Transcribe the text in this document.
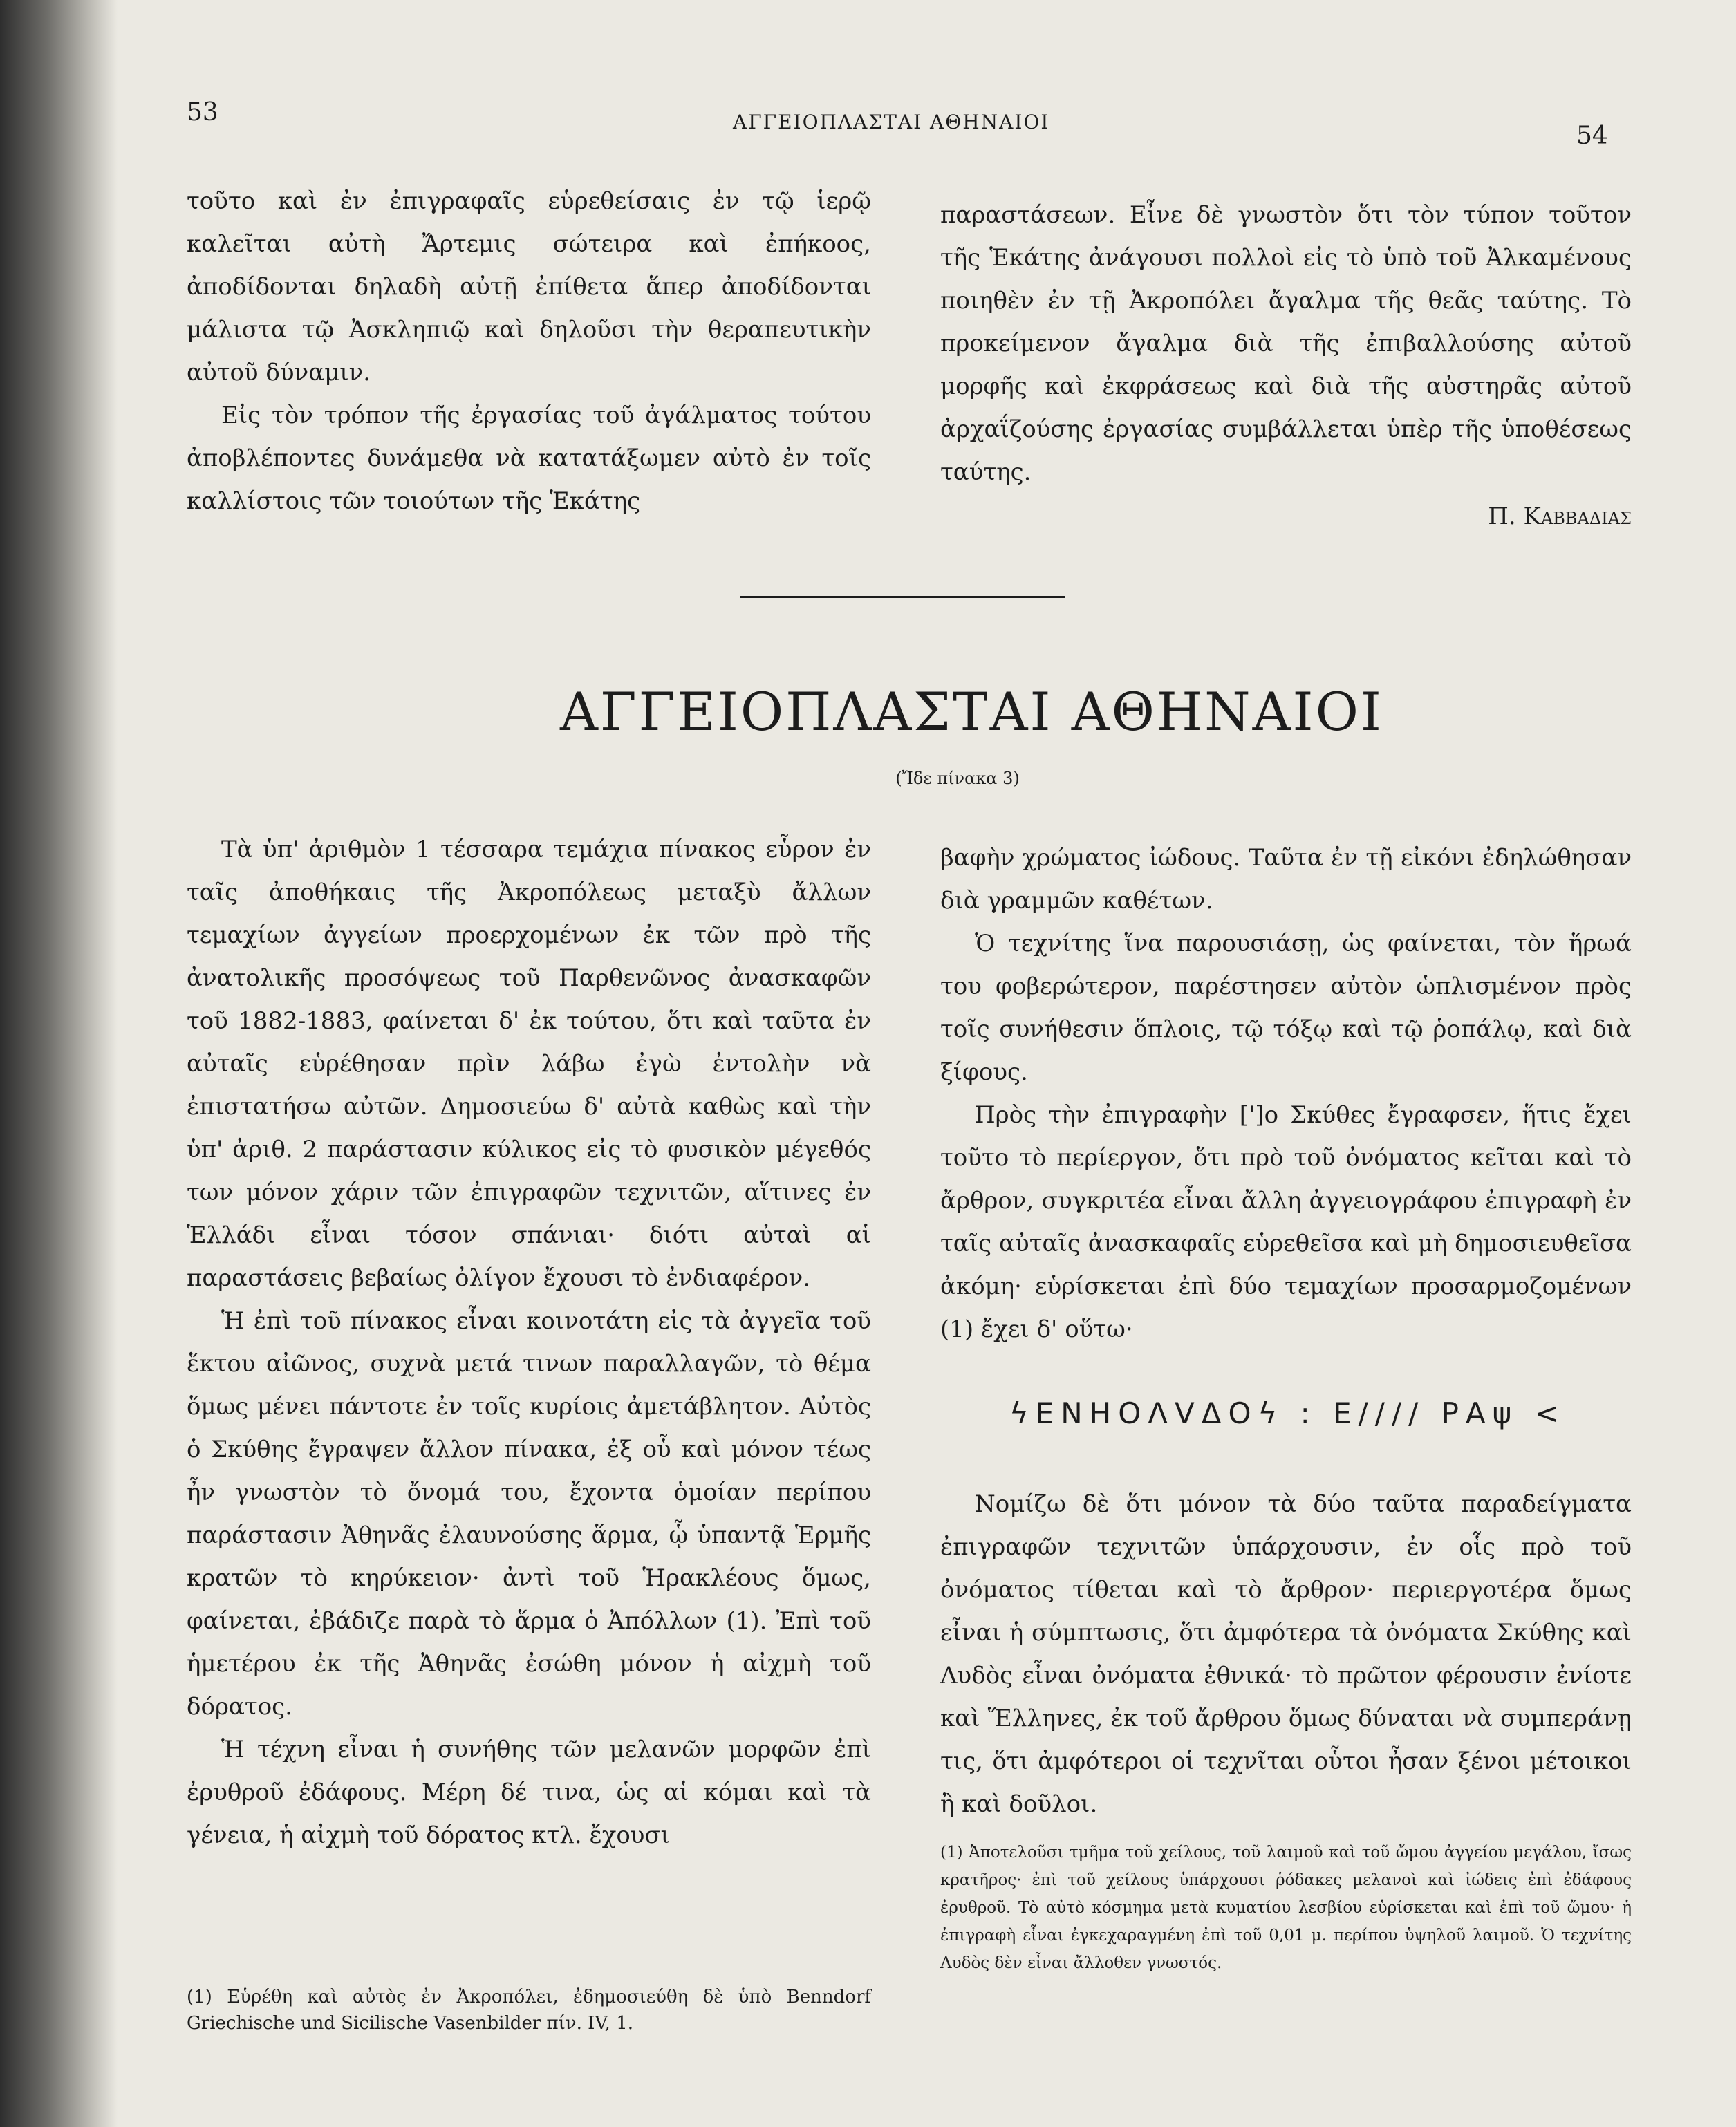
53	ΑΓΓΕΙΟΠΛΑΣΤΑΙ ΑΘΗΝΑΙΟΙ	54

τοῦτο καὶ ἐν ἐπιγραφαῖς εὑρεθείσαις ἐν τῷ ἱερῷ καλεῖται αὐτὴ Ἄρτεμις σώτειρα καὶ ἐπήκοος, ἀποδίδονται δηλαδὴ αὐτῇ ἐπίθετα ἅπερ ἀποδίδονται μάλιστα τῷ Ἀσκληπιῷ καὶ δηλοῦσι τὴν θεραπευτικὴν αὐτοῦ δύναμιν.

Εἰς τὸν τρόπον τῆς ἐργασίας τοῦ ἀγάλματος τούτου ἀποβλέποντες δυνάμεθα νὰ κατατάξωμεν αὐτὸ ἐν τοῖς καλλίστοις τῶν τοιούτων τῆς Ἑκάτης

παραστάσεων. Εἶνε δὲ γνωστὸν ὅτι τὸν τύπον τοῦτον τῆς Ἑκάτης ἀνάγουσι πολλοὶ εἰς τὸ ὑπὸ τοῦ Ἀλκαμένους ποιηθὲν ἐν τῇ Ἀκροπόλει ἄγαλμα τῆς θεᾶς ταύτης. Τὸ προκείμενον ἄγαλμα διὰ τῆς ἐπιβαλλούσης αὐτοῦ μορφῆς καὶ ἐκφράσεως καὶ διὰ τῆς αὐστηρᾶς αὐτοῦ ἀρχαΐζούσης ἐργασίας συμβάλλεται ὑπὲρ τῆς ὑποθέσεως ταύτης.

Π. Καββαδιασ
ΑΓΓΕΙΟΠΛΑΣΤΑΙ ΑΘΗΝΑΙΟΙ
(Ἴδε πίνακα 3)

Τὰ ὑπ' ἀριθμὸν 1 τέσσαρα τεμάχια πίνακος εὗρον ἐν ταῖς ἀποθήκαις τῆς Ἀκροπόλεως μεταξὺ ἄλλων τεμαχίων ἀγγείων προερχομένων ἐκ τῶν πρὸ τῆς ἀνατολικῆς προσόψεως τοῦ Παρθενῶνος ἀνασκαφῶν τοῦ 1882-1883, φαίνεται δ' ἐκ τούτου, ὅτι καὶ ταῦτα ἐν αὐταῖς εὑρέθησαν πρὶν λάβω ἐγὼ ἐντολὴν νὰ ἐπιστατήσω αὐτῶν. Δημοσιεύω δ' αὐτὰ καθὼς καὶ τὴν ὑπ' ἀριθ. 2 παράστασιν κύλικος εἰς τὸ φυσικὸν μέγεθός των μόνον χάριν τῶν ἐπιγραφῶν τεχνιτῶν, αἵτινες ἐν Ἑλλάδι εἶναι τόσον σπάνιαι· διότι αὐταὶ αἱ παραστάσεις βεβαίως ὀλίγον ἔχουσι τὸ ἐνδιαφέρον.

Ἡ ἐπὶ τοῦ πίνακος εἶναι κοινοτάτη εἰς τὰ ἀγγεῖα τοῦ ἕκτου αἰῶνος, συχνὰ μετά τινων παραλλαγῶν, τὸ θέμα ὅμως μένει πάντοτε ἐν τοῖς κυρίοις ἀμετάβλητον. Αὐτὸς ὁ Σκύθης ἔγραψεν ἄλλον πίνακα, ἐξ οὗ καὶ μόνον τέως ἦν γνωστὸν τὸ ὄνομά του, ἔχοντα ὁμοίαν περίπου παράστασιν Ἀθηνᾶς ἐλαυνούσης ἅρμα, ᾧ ὑπαντᾷ Ἑρμῆς κρατῶν τὸ κηρύκειον· ἀντὶ τοῦ Ἡρακλέους ὅμως, φαίνεται, ἐβάδιζε παρὰ τὸ ἅρμα ὁ Ἀπόλλων (1). Ἐπὶ τοῦ ἡμετέρου ἐκ τῆς Ἀθηνᾶς ἐσώθη μόνον ἡ αἰχμὴ τοῦ δόρατος.

Ἡ τέχνη εἶναι ἡ συνήθης τῶν μελανῶν μορφῶν ἐπὶ ἐρυθροῦ ἐδάφους. Μέρη δέ τινα, ὡς αἱ κόμαι καὶ τὰ γένεια, ἡ αἰχμὴ τοῦ δόρατος κτλ. ἔχουσι

(1) Εὑρέθη καὶ αὐτὸς ἐν Ἀκροπόλει, ἐδημοσιεύθη δὲ ὑπὸ Benndorf Griechische und Sicilische Vasenbilder πίν. IV, 1.

βαφὴν χρώματος ἰώδους. Ταῦτα ἐν τῇ εἰκόνι ἐδηλώθησαν διὰ γραμμῶν καθέτων.

Ὁ τεχνίτης ἵνα παρουσιάσῃ, ὡς φαίνεται, τὸν ἥρωά του φοβερώτερον, παρέστησεν αὐτὸν ὡπλισμένον πρὸς τοῖς συνήθεσιν ὅπλοις, τῷ τόξῳ καὶ τῷ ῥοπάλῳ, καὶ διὰ ξίφους.

Πρὸς τὴν ἐπιγραφὴν [']ο Σκύθες ἔγραφσεν, ἥτις ἔχει τοῦτο τὸ περίεργον, ὅτι πρὸ τοῦ ὀνόματος κεῖται καὶ τὸ ἄρθρον, συγκριτέα εἶναι ἄλλη ἀγγειογράφου ἐπιγραφὴ ἐν ταῖς αὐταῖς ἀνασκαφαῖς εὑρεθεῖσα καὶ μὴ δημοσιευθεῖσα ἀκόμη· εὑρίσκεται ἐπὶ δύο τεμαχίων προσαρμοζομένων (1) ἔχει δ' οὕτω·

ϟΕΝΗΟΛVΔΟϟ : Ε//// ΡΑψ <

Νομίζω δὲ ὅτι μόνον τὰ δύο ταῦτα παραδείγματα ἐπιγραφῶν τεχνιτῶν ὑπάρχουσιν, ἐν οἷς πρὸ τοῦ ὀνόματος τίθεται καὶ τὸ ἄρθρον· περιεργοτέρα ὅμως εἶναι ἡ σύμπτωσις, ὅτι ἀμφότερα τὰ ὀνόματα Σκύθης καὶ Λυδὸς εἶναι ὀνόματα ἐθνικά· τὸ πρῶτον φέρουσιν ἐνίοτε καὶ Ἕλληνες, ἐκ τοῦ ἄρθρου ὅμως δύναται νὰ συμπεράνῃ τις, ὅτι ἀμφότεροι οἱ τεχνῖται οὗτοι ἦσαν ξένοι μέτοικοι ἢ καὶ δοῦλοι.

(1) Ἀποτελοῦσι τμῆμα τοῦ χείλους, τοῦ λαιμοῦ καὶ τοῦ ὤμου ἀγγείου μεγάλου, ἴσως κρατῆρος· ἐπὶ τοῦ χείλους ὑπάρχουσι ῥόδακες μελανοὶ καὶ ἰώδεις ἐπὶ ἐδάφους ἐρυθροῦ. Τὸ αὐτὸ κόσμημα μετὰ κυματίου λεσβίου εὑρίσκεται καὶ ἐπὶ τοῦ ὤμου· ἡ ἐπιγραφὴ εἶναι ἐγκεχαραγμένη ἐπὶ τοῦ 0,01 μ. περίπου ὑψηλοῦ λαιμοῦ. Ὁ τεχνίτης Λυδὸς δὲν εἶναι ἄλλοθεν γνωστός.
